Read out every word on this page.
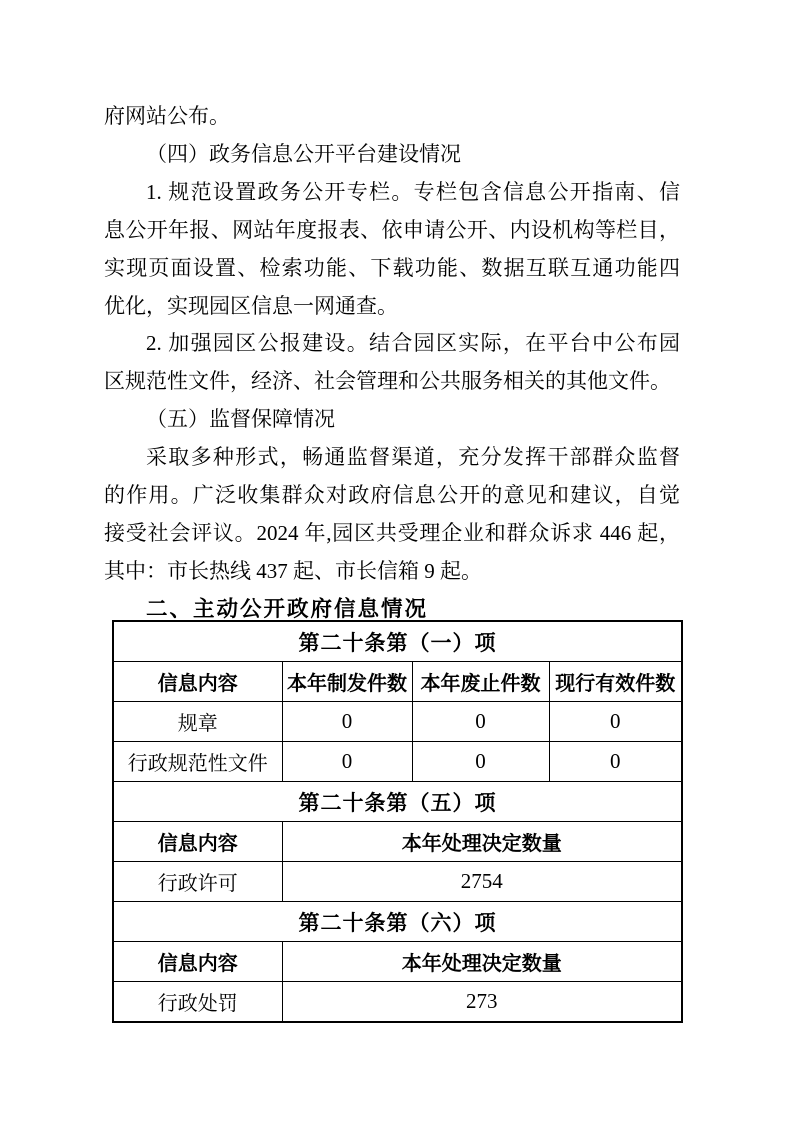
府网站公布。
（四）政务信息公开平台建设情况
1. 规范设置政务公开专栏。专栏包含信息公开指南、信
息公开年报、网站年度报表、依申请公开、内设机构等栏目，
实现页面设置、检索功能、下载功能、数据互联互通功能四
优化，实现园区信息一网通查。
2. 加强园区公报建设。结合园区实际，在平台中公布园
区规范性文件，经济、社会管理和公共服务相关的其他文件。
（五）监督保障情况
采取多种形式，畅通监督渠道，充分发挥干部群众监督
的作用。广泛收集群众对政府信息公开的意见和建议，自觉
接受社会评议。2024 年,园区共受理企业和群众诉求 446 起，
其中：市长热线 437 起、市长信箱 9 起。
二、主动公开政府信息情况
第二十条第（一）项			
信息内容	本年制发件数	本年废止件数	现行有效件数
规章	0	0	0
行政规范性文件	0	0	0
第二十条第（五）项			
信息内容	本年处理决定数量		
行政许可	2754		
第二十条第（六）项			
信息内容	本年处理决定数量		
行政处罚	273		
